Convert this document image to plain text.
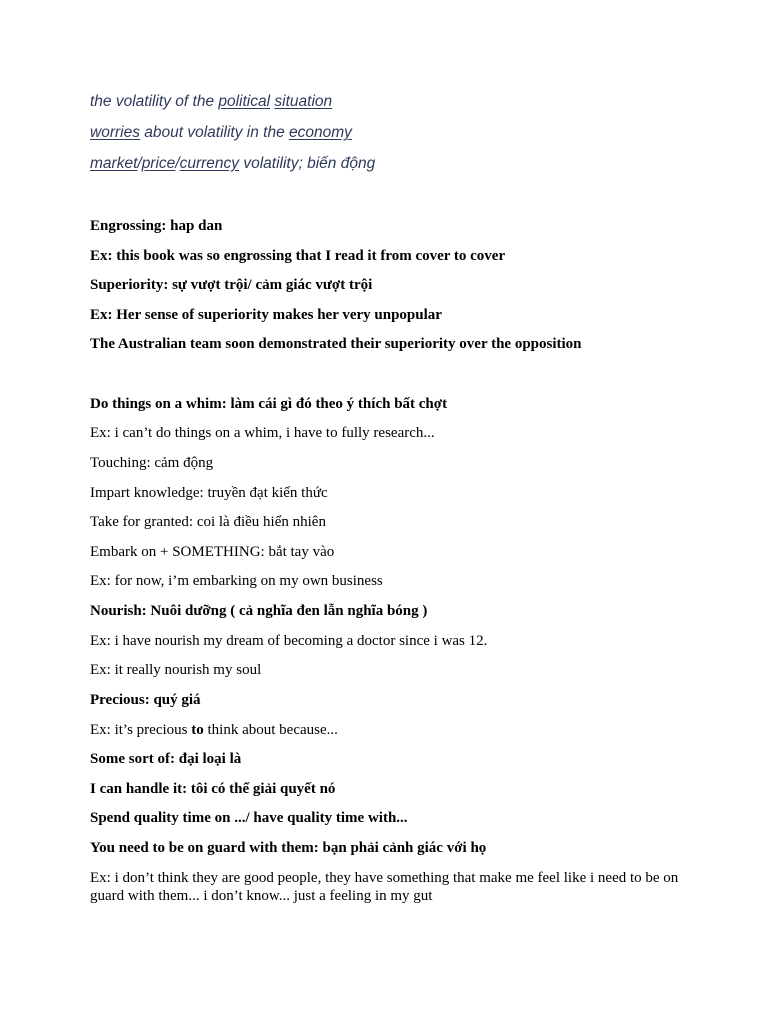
the volatility of the political situation
worries about volatility in the economy
market/price/currency volatility; biến động
Engrossing: hap dan
Ex: this book was so engrossing that I read it from cover to cover
Superiority: sự vượt trội/ cảm giác vượt trội
Ex: Her sense of superiority makes her very unpopular
The Australian team soon demonstrated their superiority over the opposition
Do things on a whim: làm cái gì đó theo ý thích bất chợt
Ex: i can’t do things on a whim, i have to fully research...
Touching: cảm động
Impart knowledge: truyền đạt kiến thức
Take for granted: coi là điều hiển nhiên
Embark on + SOMETHING: bắt tay vào
Ex: for now, i’m embarking on my own business
Nourish: Nuôi dưỡng ( cả nghĩa đen lẫn nghĩa bóng )
Ex: i have nourish my dream of becoming a doctor since i was 12.
Ex: it really nourish my soul
Precious: quý giá
Ex: it’s precious to think about because...
Some sort of: đại loại là
I can handle it: tôi có thể giải quyết nó
Spend quality time on .../ have quality time with...
You need to be on guard with them: bạn phải cảnh giác với họ
Ex: i don’t think they are good people, they have something that make me feel like i need to be on guard with them... i don’t know... just a feeling in my gut
